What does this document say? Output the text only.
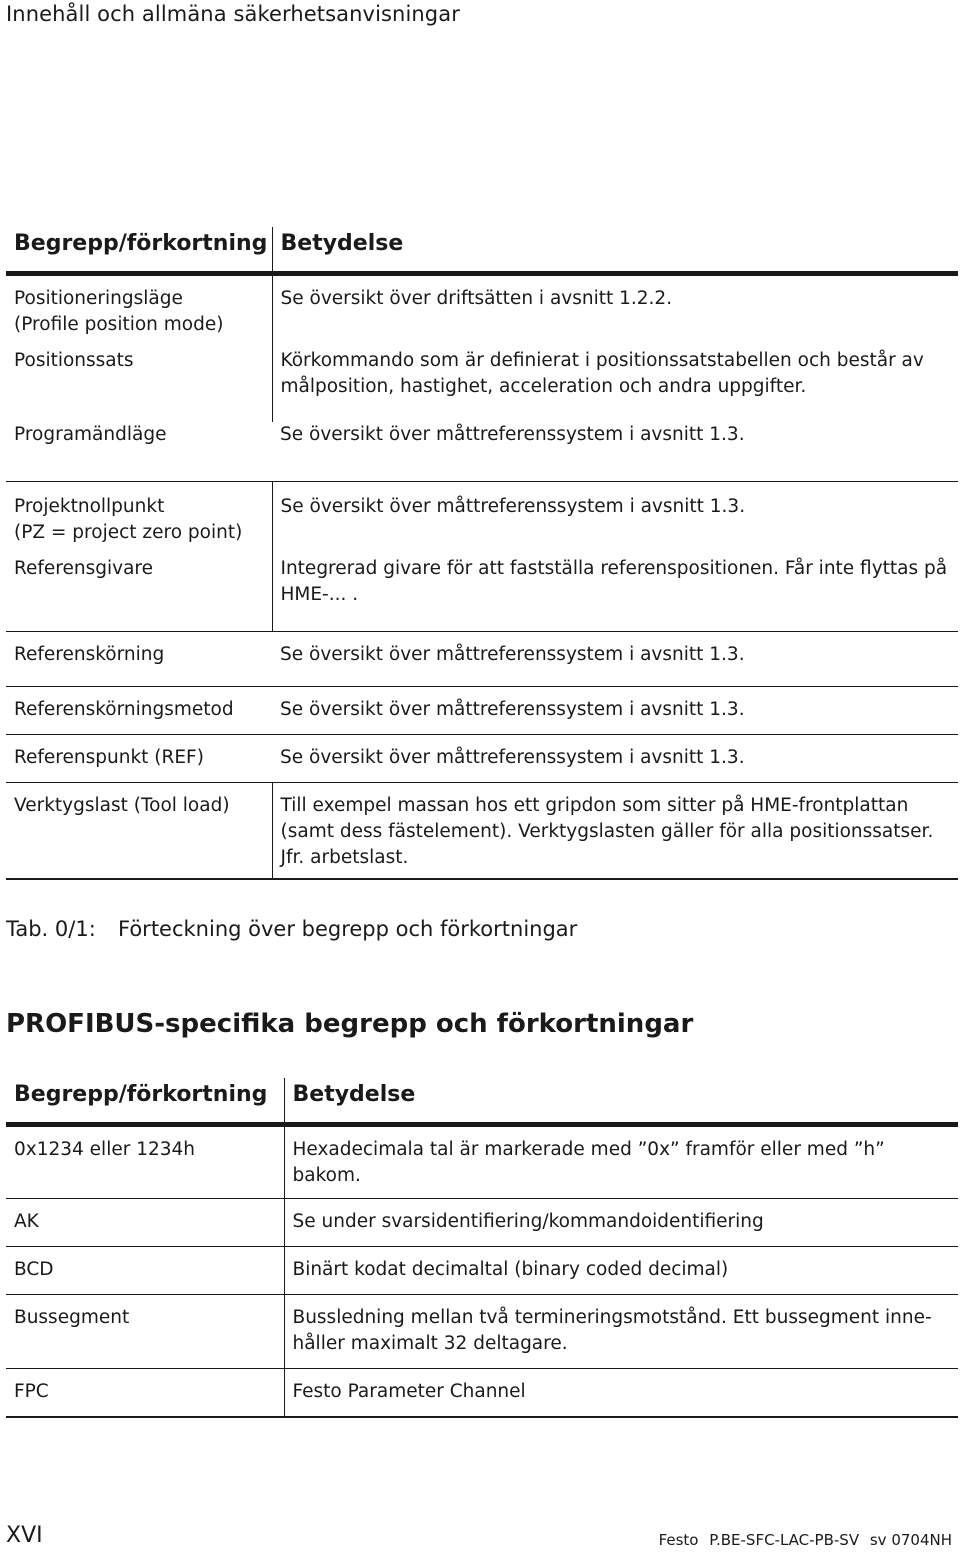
Innehåll och allmäna säkerhetsanvisningar
Begrepp/förkortning	Betydelse

Positioneringsläge
(Profile position mode)	Se översikt över driftsätten i avsnitt 1.2.2.

Positionssats	Körkommando som är definierat i positionssatstabellen och består av
målposition, hastighet, acceleration och andra uppgifter.

Programändläge	Se översikt över måttreferenssystem i avsnitt 1.3.

Projektnollpunkt
(PZ = project zero point)	Se översikt över måttreferenssystem i avsnitt 1.3.

Referensgivare	Integrerad givare för att fastställa referenspositionen. Får inte flyttas på
HME-... .

Referenskörning	Se översikt över måttreferenssystem i avsnitt 1.3.

Referenskörningsmetod	Se översikt över måttreferenssystem i avsnitt 1.3.

Referenspunkt (REF)	Se översikt över måttreferenssystem i avsnitt 1.3.

Verktygslast (Tool load)	Till exempel massan hos ett gripdon som sitter på HME-frontplattan
(samt dess fästelement). Verktygslasten gäller för alla positionssatser.
Jfr. arbetslast.
Tab. 0/1: Förteckning över begrepp och förkortningar
PROFIBUS-specifika begrepp och förkortningar
Begrepp/förkortning	Betydelse

0x1234 eller 1234h	Hexadecimala tal är markerade med ”0x” framför eller med ”h”
bakom.

AK	Se under svarsidentifiering/kommandoidentifiering

BCD	Binärt kodat decimaltal (binary coded decimal)

Bussegment	Bussledning mellan två termineringsmotstånd. Ett bussegment inne-
håller maximalt 32 deltagare.

FPC	Festo Parameter Channel
XVI	Festo P.BE-SFC-LAC-PB-SV sv 0704NH
